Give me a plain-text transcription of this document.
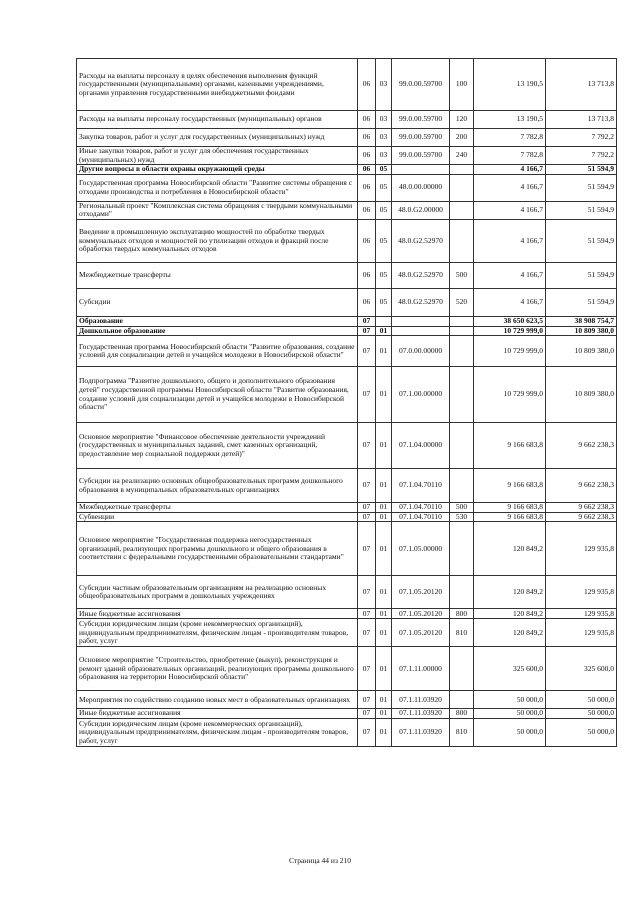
Расходы на выплаты персоналу в целях обеспечения выполнения функций государственными (муниципальными) органами, казенными учреждениями, органами управления государственными внебюджетными фондами	06	03	99.0.00.59700	100	13 190,5	13 713,8
Расходы на выплаты персоналу государственных (муниципальных) органов	06	03	99.0.00.59700	120	13 190,5	13 713,8
Закупка товаров, работ и услуг для государственных (муниципальных) нужд	06	03	99.0.00.59700	200	7 782,8	7 792,2
Иные закупки товаров, работ и услуг для обеспечения государственных (муниципальных) нужд	06	03	99.0.00.59700	240	7 782,8	7 792,2
Другие вопросы в области охраны окружающей среды	06	05			4 166,7	51 594,9
Государственная программа Новосибирской области "Развитие системы обращения с отходами производства и потребления в Новосибирской области"	06	05	48.0.00.00000		4 166,7	51 594,9
Региональный проект "Комплексная система обращения с твердыми коммунальными отходами"	06	05	48.0.G2.00000		4 166,7	51 594,9
Введение в промышленную эксплуатацию мощностей по обработке твердых коммунальных отходов и мощностей по утилизации отходов и фракций после обработки твердых коммунальных отходов	06	05	48.0.G2.52970		4 166,7	51 594,9
Межбюджетные трансферты	06	05	48.0.G2.52970	500	4 166,7	51 594,9
Субсидии	06	05	48.0.G2.52970	520	4 166,7	51 594,9
Образование	07				38 650 623,5	38 908 754,7
Дошкольное образование	07	01			10 729 999,0	10 809 380,0
Государственная программа Новосибирской области "Развитие образования, создание условий для социализации детей и учащейся молодежи в Новосибирской области"	07	01	07.0.00.00000		10 729 999,0	10 809 380,0
Подпрограмма "Развитие дошкольного, общего и дополнительного образования детей" государственной программы Новосибирской области "Развитие образования, создание условий для социализации детей и учащейся молодежи в Новосибирской области"	07	01	07.1.00.00000		10 729 999,0	10 809 380,0
Основное мероприятие "Финансовое обеспечение деятельности учреждений (государственных и муниципальных заданий, смет казенных организаций, предоставление мер социальной поддержки детей)"	07	01	07.1.04.00000		9 166 683,8	9 662 238,3
Субсидии на реализацию основных общеобразовательных программ дошкольного образования в муниципальных образовательных организациях	07	01	07.1.04.70110		9 166 683,8	9 662 238,3
Межбюджетные трансферты	07	01	07.1.04.70110	500	9 166 683,8	9 662 238,3
Субвенции	07	01	07.1.04.70110	530	9 166 683,8	9 662 238,3
Основное мероприятие "Государственная поддержка негосударственных организаций, реализующих программы дошкольного и общего образования в соответствии с федеральными государственными образовательными стандартами"	07	01	07.1.05.00000		120 849,2	129 935,8
Субсидии частным образовательным организациям на реализацию основных общеобразовательных программ в дошкольных учреждениях	07	01	07.1.05.20120		120 849,2	129 935,8
Иные бюджетные ассигнования	07	01	07.1.05.20120	800	120 849,2	129 935,8
Субсидии юридическим лицам (кроме некоммерческих организаций), индивидуальным предпринимателям, физическим лицам - производителям товаров, работ, услуг	07	01	07.1.05.20120	810	120 849,2	129 935,8
Основное мероприятие "Строительство, приобретение (выкуп), реконструкция и ремонт зданий образовательных организаций, реализующих программы дошкольного образования на территории Новосибирской области"	07	01	07.1.11.00000		325 600,0	325 600,0
Мероприятия по содействию созданию новых мест в образовательных организациях	07	01	07.1.11.03920		50 000,0	50 000,0
Иные бюджетные ассигнования	07	01	07.1.11.03920	800	50 000,0	50 000,0
Субсидии юридическим лицам (кроме некоммерческих организаций), индивидуальным предпринимателям, физическим лицам - производителям товаров, работ, услуг	07	01	07.1.11.03920	810	50 000,0	50 000,0
Страница 44 из 210
